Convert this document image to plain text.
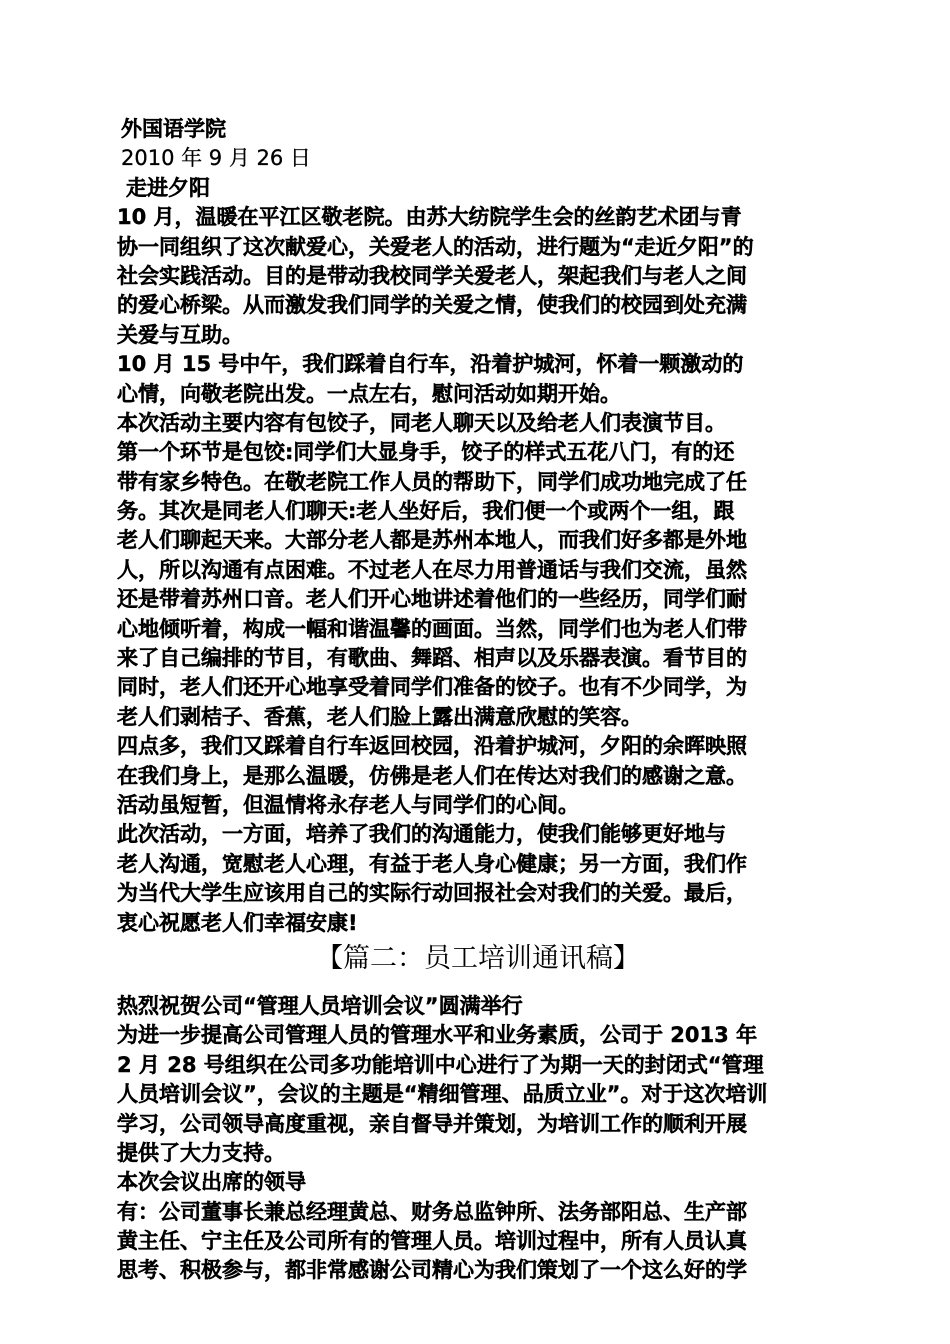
外国语学院
2010 年 9 月 26 日
走进夕阳
10 月，温暖在平江区敬老院。由苏大纺院学生会的丝韵艺术团与青
协一同组织了这次献爱心，关爱老人的活动，进行题为“走近夕阳”的
社会实践活动。目的是带动我校同学关爱老人，架起我们与老人之间
的爱心桥梁。从而激发我们同学的关爱之情，使我们的校园到处充满
关爱与互助。
10 月 15 号中午，我们踩着自行车，沿着护城河，怀着一颗激动的
心情，向敬老院出发。一点左右，慰问活动如期开始。
本次活动主要内容有包饺子，同老人聊天以及给老人们表演节目。
第一个环节是包饺:同学们大显身手，饺子的样式五花八门，有的还
带有家乡特色。在敬老院工作人员的帮助下，同学们成功地完成了任
务。其次是同老人们聊天:老人坐好后，我们便一个或两个一组，跟
老人们聊起天来。大部分老人都是苏州本地人，而我们好多都是外地
人，所以沟通有点困难。不过老人在尽力用普通话与我们交流，虽然
还是带着苏州口音。老人们开心地讲述着他们的一些经历，同学们耐
心地倾听着，构成一幅和谐温馨的画面。当然，同学们也为老人们带
来了自己编排的节目，有歌曲、舞蹈、相声以及乐器表演。看节目的
同时，老人们还开心地享受着同学们准备的饺子。也有不少同学，为
老人们剥桔子、香蕉，老人们脸上露出满意欣慰的笑容。
四点多，我们又踩着自行车返回校园，沿着护城河，夕阳的余晖映照
在我们身上，是那么温暖，仿佛是老人们在传达对我们的感谢之意。
活动虽短暂，但温情将永存老人与同学们的心间。
此次活动，一方面，培养了我们的沟通能力，使我们能够更好地与
老人沟通，宽慰老人心理，有益于老人身心健康；另一方面，我们作
为当代大学生应该用自己的实际行动回报社会对我们的关爱。最后，
衷心祝愿老人们幸福安康!
【篇二：员工培训通讯稿】
热烈祝贺公司“管理人员培训会议”圆满举行
为进一步提高公司管理人员的管理水平和业务素质，公司于 2013 年
2 月 28 号组织在公司多功能培训中心进行了为期一天的封闭式“管理
人员培训会议”，会议的主题是“精细管理、品质立业”。对于这次培训
学习，公司领导高度重视，亲自督导并策划，为培训工作的顺利开展
提供了大力支持。
本次会议出席的领导
有：公司董事长兼总经理黄总、财务总监钟所、法务部阳总、生产部
黄主任、宁主任及公司所有的管理人员。培训过程中，所有人员认真
思考、积极参与，都非常感谢公司精心为我们策划了一个这么好的学
